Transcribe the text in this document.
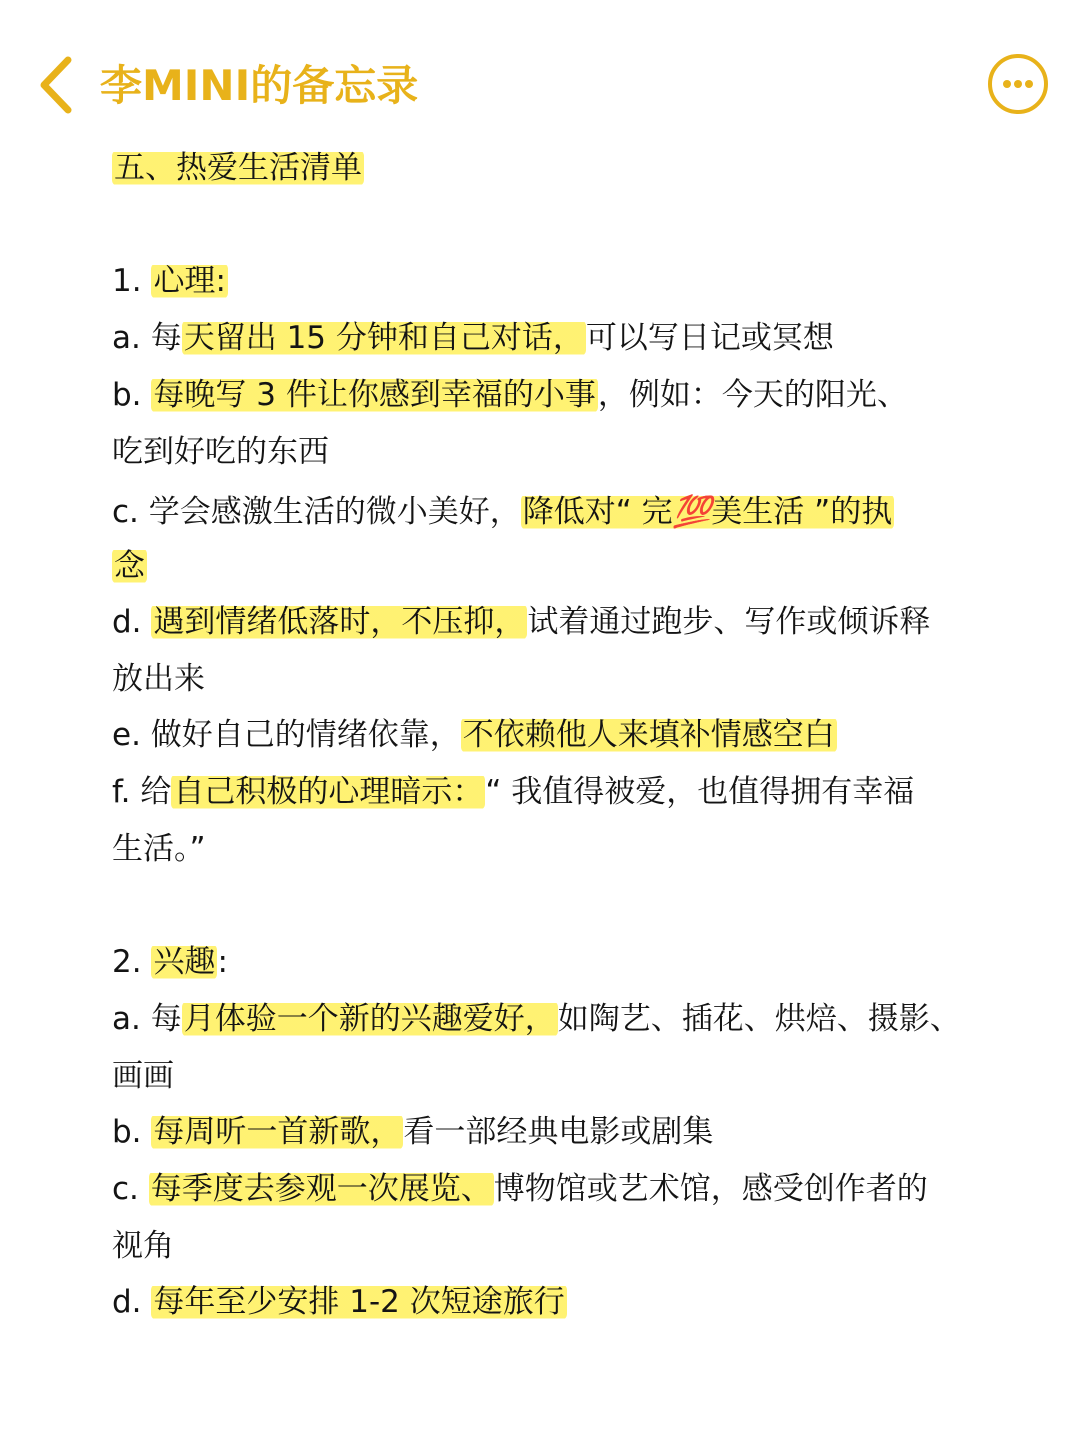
李MINI的备忘录
五、热爱生活清单
1. 心理:
a. 每天留出 15 分钟和自己对话，可以写日记或冥想
b. 每晚写 3 件让你感到幸福的小事，例如：今天的阳光、
吃到好吃的东西
c. 学会感激生活的微小美好，降低对“ 完💯美生活 ”的执
念
d. 遇到情绪低落时，不压抑，试着通过跑步、写作或倾诉释
放出来
e. 做好自己的情绪依靠，不依赖他人来填补情感空白
f. 给自己积极的心理暗示：“ 我值得被爱，也值得拥有幸福
生活。”
2. 兴趣:
a. 每月体验一个新的兴趣爱好，如陶艺、插花、烘焙、摄影、
画画
b. 每周听一首新歌，看一部经典电影或剧集
c. 每季度去参观一次展览、博物馆或艺术馆，感受创作者的
视角
d. 每年至少安排 1-2 次短途旅行
